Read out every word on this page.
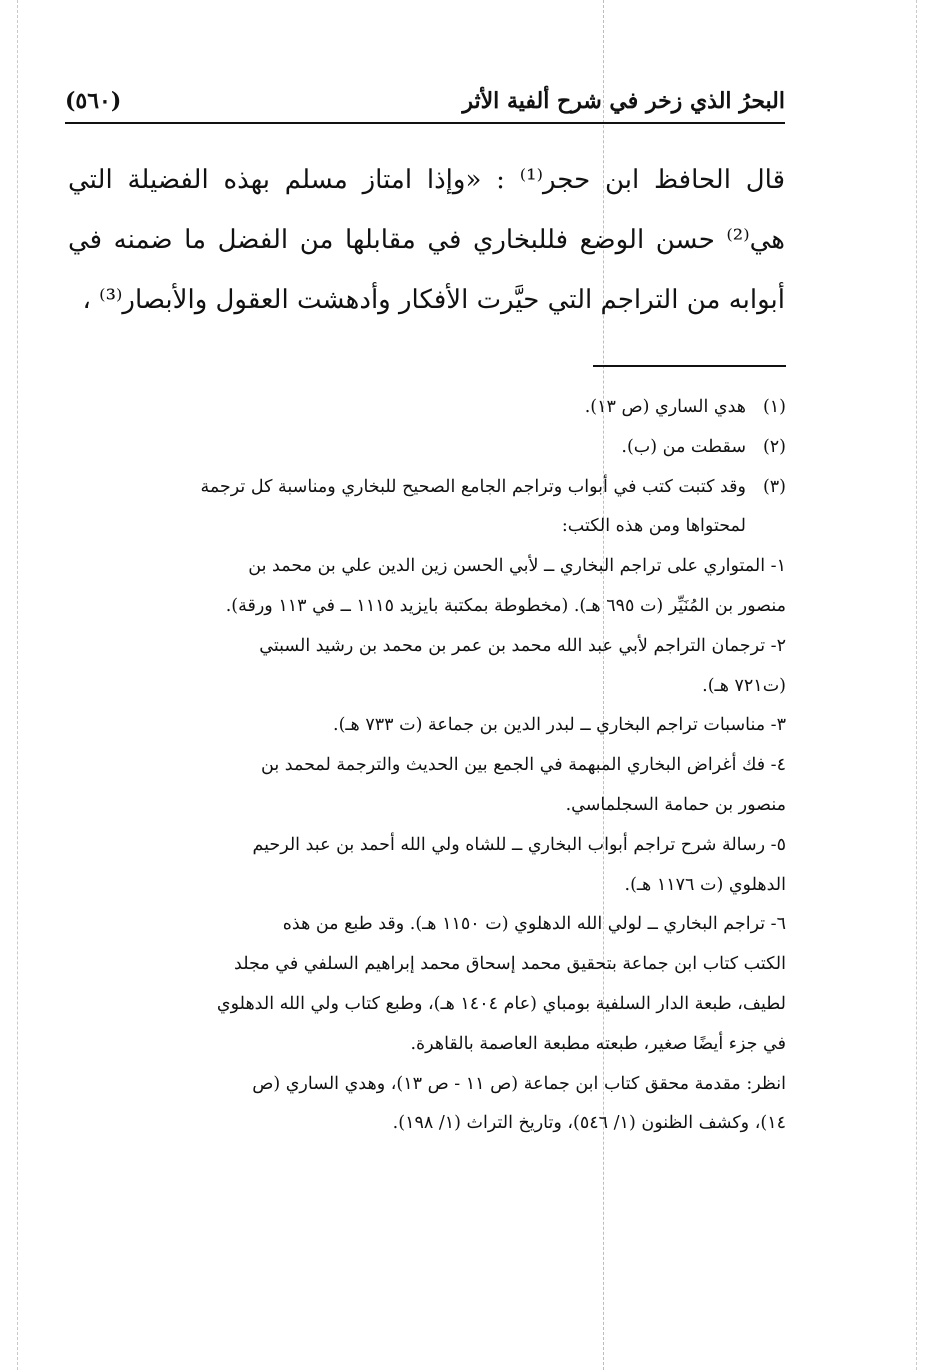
البحرُ الذي زخر في شرح ألفية الأثر
(٥٦٠)
قال الحافظ ابن حجر⁽¹⁾ : «وإذا امتاز مسلم بهذه الفضيلة التي
هي⁽²⁾ حسن الوضع فللبخاري في مقابلها من الفضل ما ضمنه في
أبوابه من التراجم التي حيَّرت الأفكار وأدهشت العقول والأبصار⁽³⁾ ،
(١)هدي الساري (ص ١٣).
(٢)سقطت من (ب).
(٣)وقد كتبت كتب في أبواب وتراجم الجامع الصحيح للبخاري ومناسبة كل ترجمة
لمحتواها ومن هذه الكتب:
١- المتواري على تراجم البخاري ــ لأبي الحسن زين الدين علي بن محمد بن
منصور بن المُنَيِّر (ت ٦٩٥ هـ). (مخطوطة بمكتبة بايزيد ١١١٥ ــ في ١١٣ ورقة).
٢- ترجمان التراجم لأبي عبد الله محمد بن عمر بن محمد بن رشيد السبتي
(ت٧٢١ هـ).
٣- مناسبات تراجم البخاري ــ لبدر الدين بن جماعة (ت ٧٣٣ هـ).
٤- فك أغراض البخاري المبهمة في الجمع بين الحديث والترجمة لمحمد بن
منصور بن حمامة السجلماسي.
٥- رسالة شرح تراجم أبواب البخاري ــ للشاه ولي الله أحمد بن عبد الرحيم
الدهلوي (ت ١١٧٦ هـ).
٦- تراجم البخاري ــ لولي الله الدهلوي (ت ١١٥٠ هـ). وقد طبع من هذه
الكتب كتاب ابن جماعة بتحقيق محمد إسحاق محمد إبراهيم السلفي في مجلد
لطيف، طبعة الدار السلفية بومباي (عام ١٤٠٤ هـ)، وطبع كتاب ولي الله الدهلوي
في جزء أيضًا صغير، طبعته مطبعة العاصمة بالقاهرة.
انظر: مقدمة محقق كتاب ابن جماعة (ص ١١ - ص ١٣)، وهدي الساري (ص
١٤)، وكشف الظنون (١/ ٥٤٦)، وتاريخ التراث (١/ ١٩٨).
